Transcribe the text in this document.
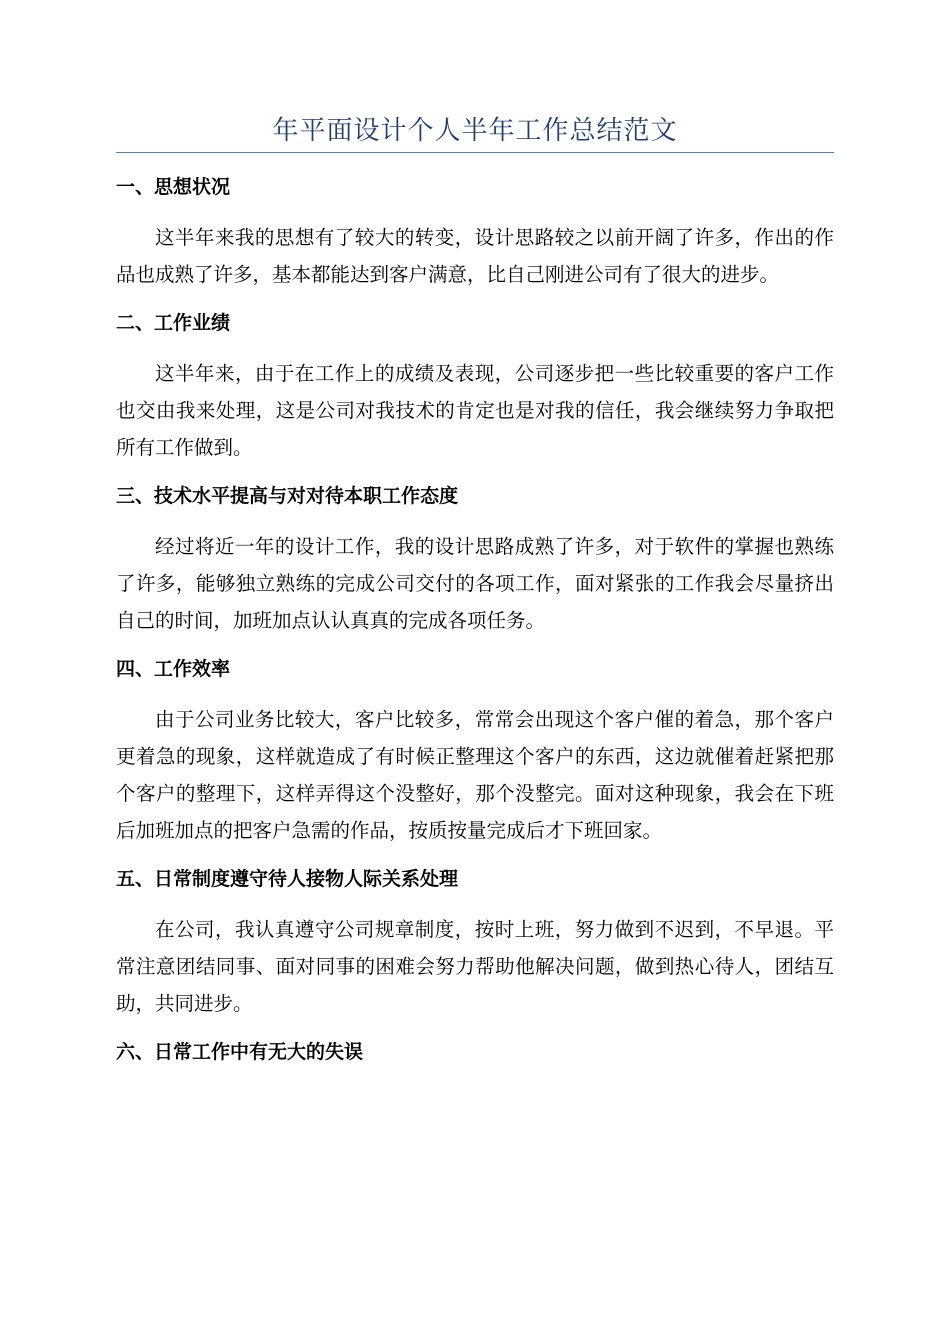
年平面设计个人半年工作总结范文
一、思想状况

这半年来我的思想有了较大的转变，设计思路较之以前开阔了许多，作出的作品也成熟了许多，基本都能达到客户满意，比自己刚进公司有了很大的进步。

二、工作业绩

这半年来，由于在工作上的成绩及表现，公司逐步把一些比较重要的客户工作也交由我来处理，这是公司对我技术的肯定也是对我的信任，我会继续努力争取把所有工作做到。

三、技术水平提高与对对待本职工作态度

经过将近一年的设计工作，我的设计思路成熟了许多，对于软件的掌握也熟练了许多，能够独立熟练的完成公司交付的各项工作，面对紧张的工作我会尽量挤出自己的时间，加班加点认认真真的完成各项任务。

四、工作效率

由于公司业务比较大，客户比较多，常常会出现这个客户催的着急，那个客户更着急的现象，这样就造成了有时候正整理这个客户的东西，这边就催着赶紧把那个客户的整理下，这样弄得这个没整好，那个没整完。面对这种现象，我会在下班后加班加点的把客户急需的作品，按质按量完成后才下班回家。

五、日常制度遵守待人接物人际关系处理

在公司，我认真遵守公司规章制度，按时上班，努力做到不迟到，不早退。平常注意团结同事、面对同事的困难会努力帮助他解决问题，做到热心待人，团结互助，共同进步。

六、日常工作中有无大的失误
